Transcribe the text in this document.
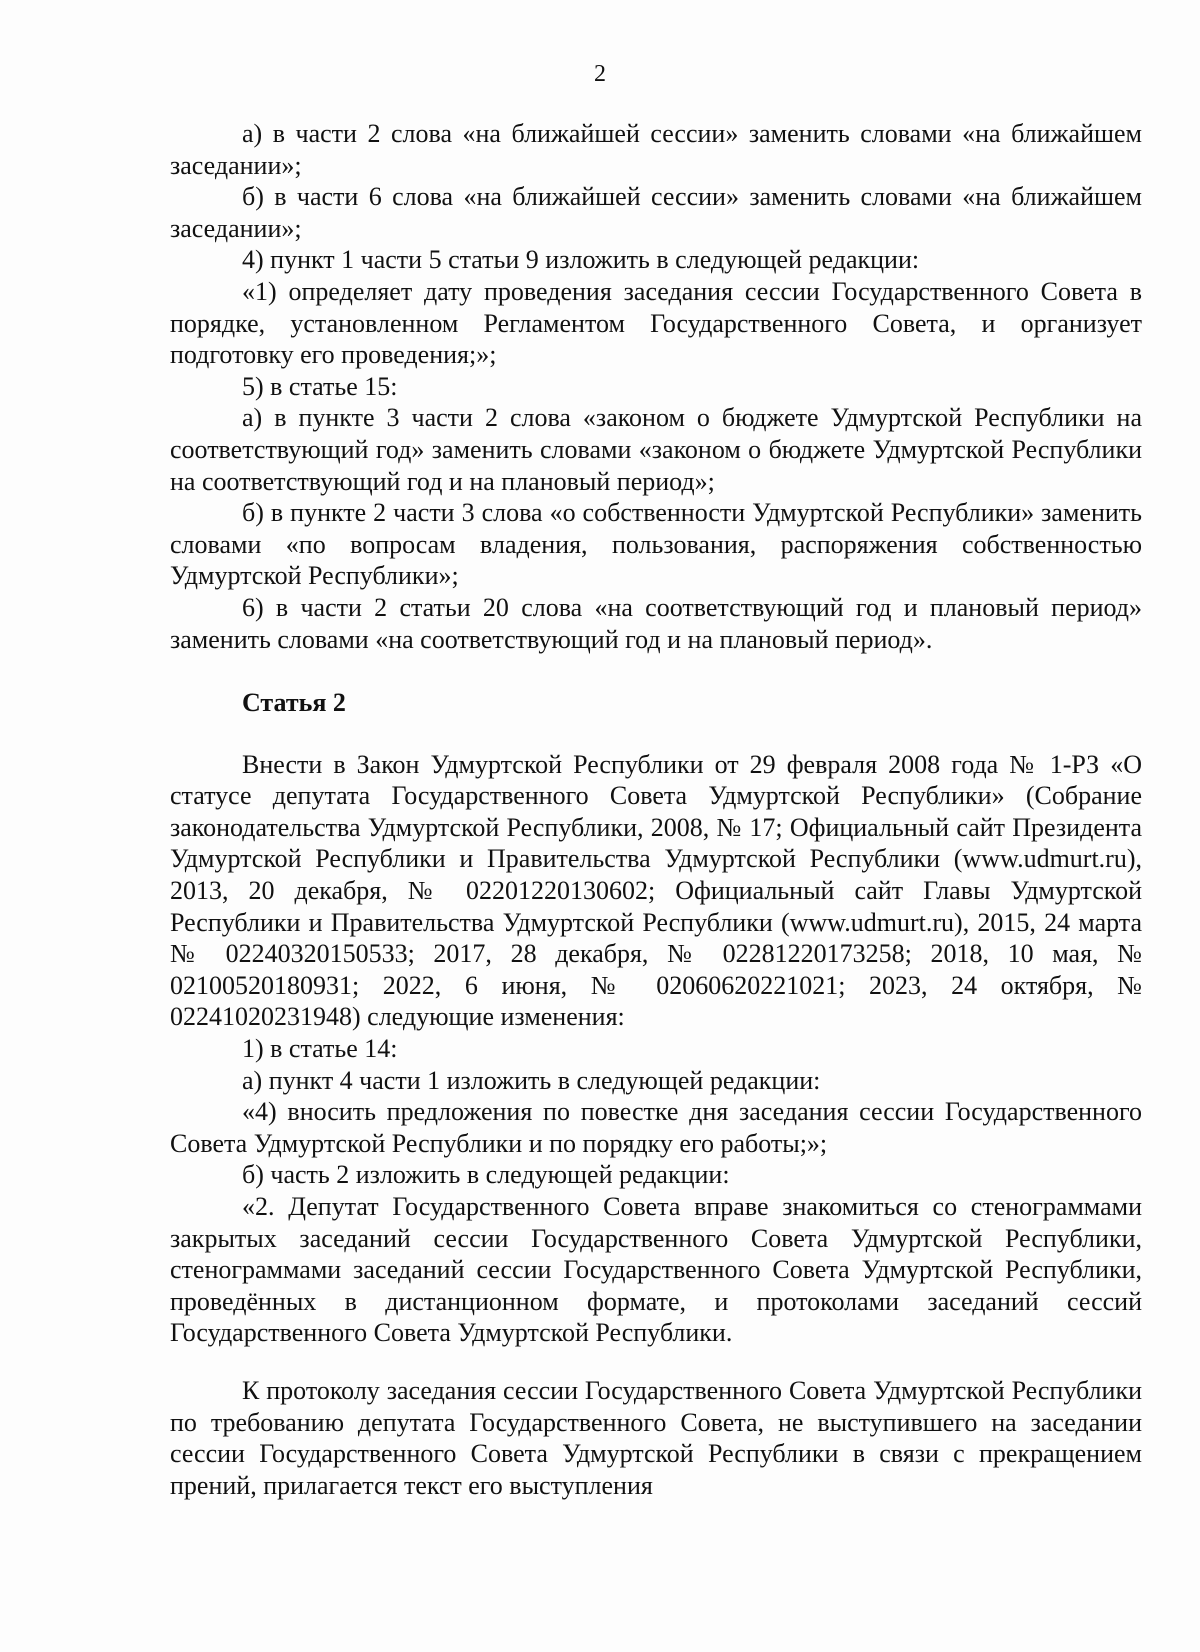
2

а) в части 2 слова «на ближайшей сессии» заменить словами «на ближайшем заседании»;

б) в части 6 слова «на ближайшей сессии» заменить словами «на ближайшем заседании»;

4) пункт 1 части 5 статьи 9 изложить в следующей редакции:

«1) определяет дату проведения заседания сессии Государственного Совета в порядке, установленном Регламентом Государственного Совета, и организует подготовку его проведения;»;

5) в статье 15:

а) в пункте 3 части 2 слова «законом о бюджете Удмуртской Республики на соответствующий год» заменить словами «законом о бюджете Удмуртской Республики на соответствующий год и на плановый период»;

б) в пункте 2 части 3 слова «о собственности Удмуртской Республики» заменить словами «по вопросам владения, пользования, распоряжения собственностью Удмуртской Республики»;

6) в части 2 статьи 20 слова «на соответствующий год и плановый период» заменить словами «на соответствующий год и на плановый период».

Статья 2

Внести в Закон Удмуртской Республики от 29 февраля 2008 года № 1-РЗ «О статусе депутата Государственного Совета Удмуртской Республики» (Собрание законодательства Удмуртской Республики, 2008, № 17; Официальный сайт Президента Удмуртской Республики и Правительства Удмуртской Республики (www.udmurt.ru), 2013, 20 декабря, № 02201220130602; Официальный сайт Главы Удмуртской Республики и Правительства Удмуртской Республики (www.udmurt.ru), 2015, 24 марта № 02240320150533; 2017, 28 декабря, № 02281220173258; 2018, 10 мая, № 02100520180931; 2022, 6 июня, № 02060620221021; 2023, 24 октября, № 02241020231948) следующие изменения:

1) в статье 14:

а) пункт 4 части 1 изложить в следующей редакции:

«4) вносить предложения по повестке дня заседания сессии Государственного Совета Удмуртской Республики и по порядку его работы;»;

б) часть 2 изложить в следующей редакции:

«2. Депутат Государственного Совета вправе знакомиться со стенограммами закрытых заседаний сессии Государственного Совета Удмуртской Республики, стенограммами заседаний сессии Государственного Совета Удмуртской Республики, проведённых в дистанционном формате, и протоколами заседаний сессий Государственного Совета Удмуртской Республики.

К протоколу заседания сессии Государственного Совета Удмуртской Республики по требованию депутата Государственного Совета, не выступившего на заседании сессии Государственного Совета Удмуртской Республики в связи с прекращением прений, прилагается текст его выступления
